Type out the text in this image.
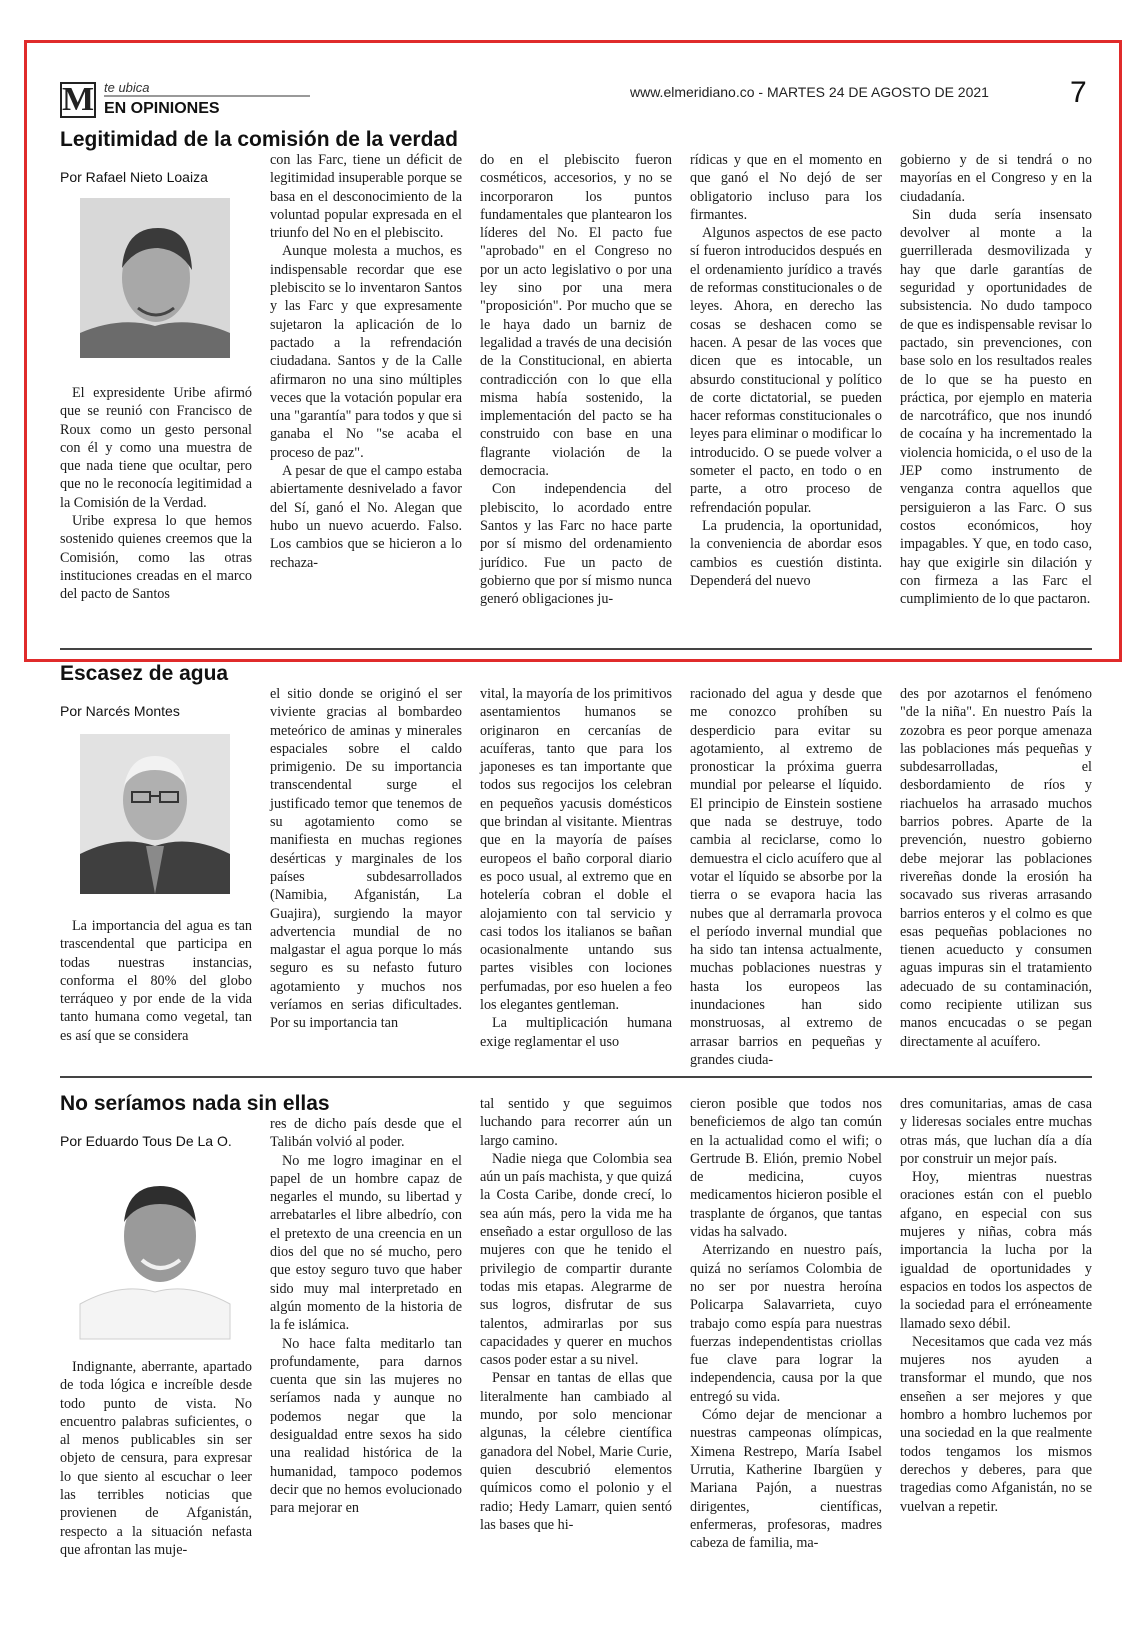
M te ubica
EN OPINIONES
www.elmeridiano.co - MARTES 24 DE AGOSTO DE 2021	7
Legitimidad de la comisión de la verdad
Por Rafael Nieto Loaiza

El expresidente Uribe afirmó que se reunió con Francisco de Roux como un gesto personal con él y como una muestra de que nada tiene que ocultar, pero que no le reconocía legitimidad a la Comisión de la Verdad.

Uribe expresa lo que hemos sostenido quienes creemos que la Comisión, como las otras instituciones creadas en el marco del pacto de Santos

con las Farc, tiene un déficit de legitimidad insuperable porque se basa en el desconocimiento de la voluntad popular expresada en el triunfo del No en el plebiscito.

Aunque molesta a muchos, es indispensable recordar que ese plebiscito se lo inventaron Santos y las Farc y que expresamente sujetaron la aplicación de lo pactado a la refrendación ciudadana. Santos y de la Calle afirmaron no una sino múltiples veces que la votación popular era una "garantía" para todos y que si ganaba el No "se acaba el proceso de paz".

A pesar de que el campo estaba abiertamente desnivelado a favor del Sí, ganó el No. Alegan que hubo un nuevo acuerdo. Falso. Los cambios que se hicieron a lo rechaza-

do en el plebiscito fueron cosméticos, accesorios, y no se incorporaron los puntos fundamentales que plantearon los líderes del No. El pacto fue "aprobado" en el Congreso no por un acto legislativo o por una ley sino por una mera "proposición". Por mucho que se le haya dado un barniz de legalidad a través de una decisión de la Constitucional, en abierta contradicción con lo que ella misma había sostenido, la implementación del pacto se ha construido con base en una flagrante violación de la democracia.

Con independencia del plebiscito, lo acordado entre Santos y las Farc no hace parte por sí mismo del ordenamiento jurídico. Fue un pacto de gobierno que por sí mismo nunca generó obligaciones ju-

rídicas y que en el momento en que ganó el No dejó de ser obligatorio incluso para los firmantes.

Algunos aspectos de ese pacto sí fueron introducidos después en el ordenamiento jurídico a través de reformas constitucionales o de leyes. Ahora, en derecho las cosas se deshacen como se hacen. A pesar de las voces que dicen que es intocable, un absurdo constitucional y político de corte dictatorial, se pueden hacer reformas constitucionales o leyes para eliminar o modificar lo introducido. O se puede volver a someter el pacto, en todo o en parte, a otro proceso de refrendación popular.

La prudencia, la oportunidad, la conveniencia de abordar esos cambios es cuestión distinta. Dependerá del nuevo

gobierno y de si tendrá o no mayorías en el Congreso y en la ciudadanía.

Sin duda sería insensato devolver al monte a la guerrillerada desmovilizada y hay que darle garantías de seguridad y oportunidades de subsistencia. No dudo tampoco de que es indispensable revisar lo pactado, sin prevenciones, con base solo en los resultados reales de lo que se ha puesto en práctica, por ejemplo en materia de narcotráfico, que nos inundó de cocaína y ha incrementado la violencia homicida, o el uso de la JEP como instrumento de venganza contra aquellos que persiguieron a las Farc. O sus costos económicos, hoy impagables. Y que, en todo caso, hay que exigirle sin dilación y con firmeza a las Farc el cumplimiento de lo que pactaron.

Escasez de agua
Por Narcés Montes

La importancia del agua es tan trascendental que participa en todas nuestras instancias, conforma el 80% del globo terráqueo y por ende de la vida tanto humana como vegetal, tan es así que se considera

el sitio donde se originó el ser viviente gracias al bombardeo meteórico de aminas y minerales espaciales sobre el caldo primigenio. De su importancia transcendental surge el justificado temor que tenemos de su agotamiento como se manifiesta en muchas regiones desérticas y marginales de los países subdesarrollados (Namibia, Afganistán, La Guajira), surgiendo la mayor advertencia mundial de no malgastar el agua porque lo más seguro es su nefasto futuro agotamiento y muchos nos veríamos en serias dificultades. Por su importancia tan

vital, la mayoría de los primitivos asentamientos humanos se originaron en cercanías de acuíferas, tanto que para los japoneses es tan importante que todos sus regocijos los celebran en pequeños yacusis domésticos que brindan al visitante. Mientras que en la mayoría de países europeos el baño corporal diario es poco usual, al extremo que en hotelería cobran el doble el alojamiento con tal servicio y casi todos los italianos se bañan ocasionalmente untando sus partes visibles con lociones perfumadas, por eso huelen a feo los elegantes gentleman.

La multiplicación humana exige reglamentar el uso

racionado del agua y desde que me conozco prohíben su desperdicio para evitar su agotamiento, al extremo de pronosticar la próxima guerra mundial por pelearse el líquido. El principio de Einstein sostiene que nada se destruye, todo cambia al reciclarse, como lo demuestra el ciclo acuífero que al votar el líquido se absorbe por la tierra o se evapora hacia las nubes que al derramarla provoca el período invernal mundial que ha sido tan intensa actualmente, muchas poblaciones nuestras y hasta los europeos las inundaciones han sido monstruosas, al extremo de arrasar barrios en pequeñas y grandes ciuda-

des por azotarnos el fenómeno "de la niña". En nuestro País la zozobra es peor porque amenaza las poblaciones más pequeñas y subdesarrolladas, el desbordamiento de ríos y riachuelos ha arrasado muchos barrios pobres. Aparte de la prevención, nuestro gobierno debe mejorar las poblaciones rivereñas donde la erosión ha socavado sus riveras arrasando barrios enteros y el colmo es que esas pequeñas poblaciones no tienen acueducto y consumen aguas impuras sin el tratamiento adecuado de su contaminación, como recipiente utilizan sus manos encucadas o se pegan directamente al acuífero.

No seríamos nada sin ellas
Por Eduardo Tous De La O.

Indignante, aberrante, apartado de toda lógica e increíble desde todo punto de vista. No encuentro palabras suficientes, o al menos publicables sin ser objeto de censura, para expresar lo que siento al escuchar o leer las terribles noticias que provienen de Afganistán, respecto a la situación nefasta que afrontan las muje-

res de dicho país desde que el Talibán volvió al poder.

No me logro imaginar en el papel de un hombre capaz de negarles el mundo, su libertad y arrebatarles el libre albedrío, con el pretexto de una creencia en un dios del que no sé mucho, pero que estoy seguro tuvo que haber sido muy mal interpretado en algún momento de la historia de la fe islámica.

No hace falta meditarlo tan profundamente, para darnos cuenta que sin las mujeres no seríamos nada y aunque no podemos negar que la desigualdad entre sexos ha sido una realidad histórica de la humanidad, tampoco podemos decir que no hemos evolucionado para mejorar en

tal sentido y que seguimos luchando para recorrer aún un largo camino.

Nadie niega que Colombia sea aún un país machista, y que quizá la Costa Caribe, donde crecí, lo sea aún más, pero la vida me ha enseñado a estar orgulloso de las mujeres con que he tenido el privilegio de compartir durante todas mis etapas. Alegrarme de sus logros, disfrutar de sus talentos, admirarlas por sus capacidades y querer en muchos casos poder estar a su nivel.

Pensar en tantas de ellas que literalmente han cambiado al mundo, por solo mencionar algunas, la célebre científica ganadora del Nobel, Marie Curie, quien descubrió elementos químicos como el polonio y el radio; Hedy Lamarr, quien sentó las bases que hi-

cieron posible que todos nos beneficiemos de algo tan común en la actualidad como el wifi; o Gertrude B. Elión, premio Nobel de medicina, cuyos medicamentos hicieron posible el trasplante de órganos, que tantas vidas ha salvado.

Aterrizando en nuestro país, quizá no seríamos Colombia de no ser por nuestra heroína Policarpa Salavarrieta, cuyo trabajo como espía para nuestras fuerzas independentistas criollas fue clave para lograr la independencia, causa por la que entregó su vida.

Cómo dejar de mencionar a nuestras campeonas olímpicas, Ximena Restrepo, María Isabel Urrutia, Katherine Ibargüen y Mariana Pajón, a nuestras dirigentes, científicas, enfermeras, profesoras, madres cabeza de familia, ma-

dres comunitarias, amas de casa y lideresas sociales entre muchas otras más, que luchan día a día por construir un mejor país.

Hoy, mientras nuestras oraciones están con el pueblo afgano, en especial con sus mujeres y niñas, cobra más importancia la lucha por la igualdad de oportunidades y espacios en todos los aspectos de la sociedad para el erróneamente llamado sexo débil.

Necesitamos que cada vez más mujeres nos ayuden a transformar el mundo, que nos enseñen a ser mejores y que hombro a hombro luchemos por una sociedad en la que realmente todos tengamos los mismos derechos y deberes, para que tragedias como Afganistán, no se vuelvan a repetir.
